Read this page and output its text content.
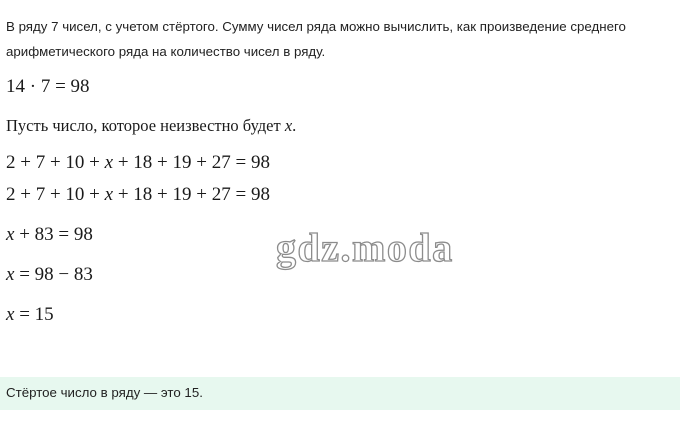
В ряду 7 чисел, с учетом стёртого. Сумму чисел ряда можно вычислить, как произведение среднего арифметического ряда на количество чисел в ряду.

14 · 7 = 98
Пусть число, которое неизвестно будет x.
2 + 7 + 10 + x + 18 + 19 + 27 = 98
2 + 7 + 10 + x + 18 + 19 + 27 = 98
x + 83 = 98
x = 98 − 83
x = 15
gdz.moda
Стёртое число в ряду — это 15.
